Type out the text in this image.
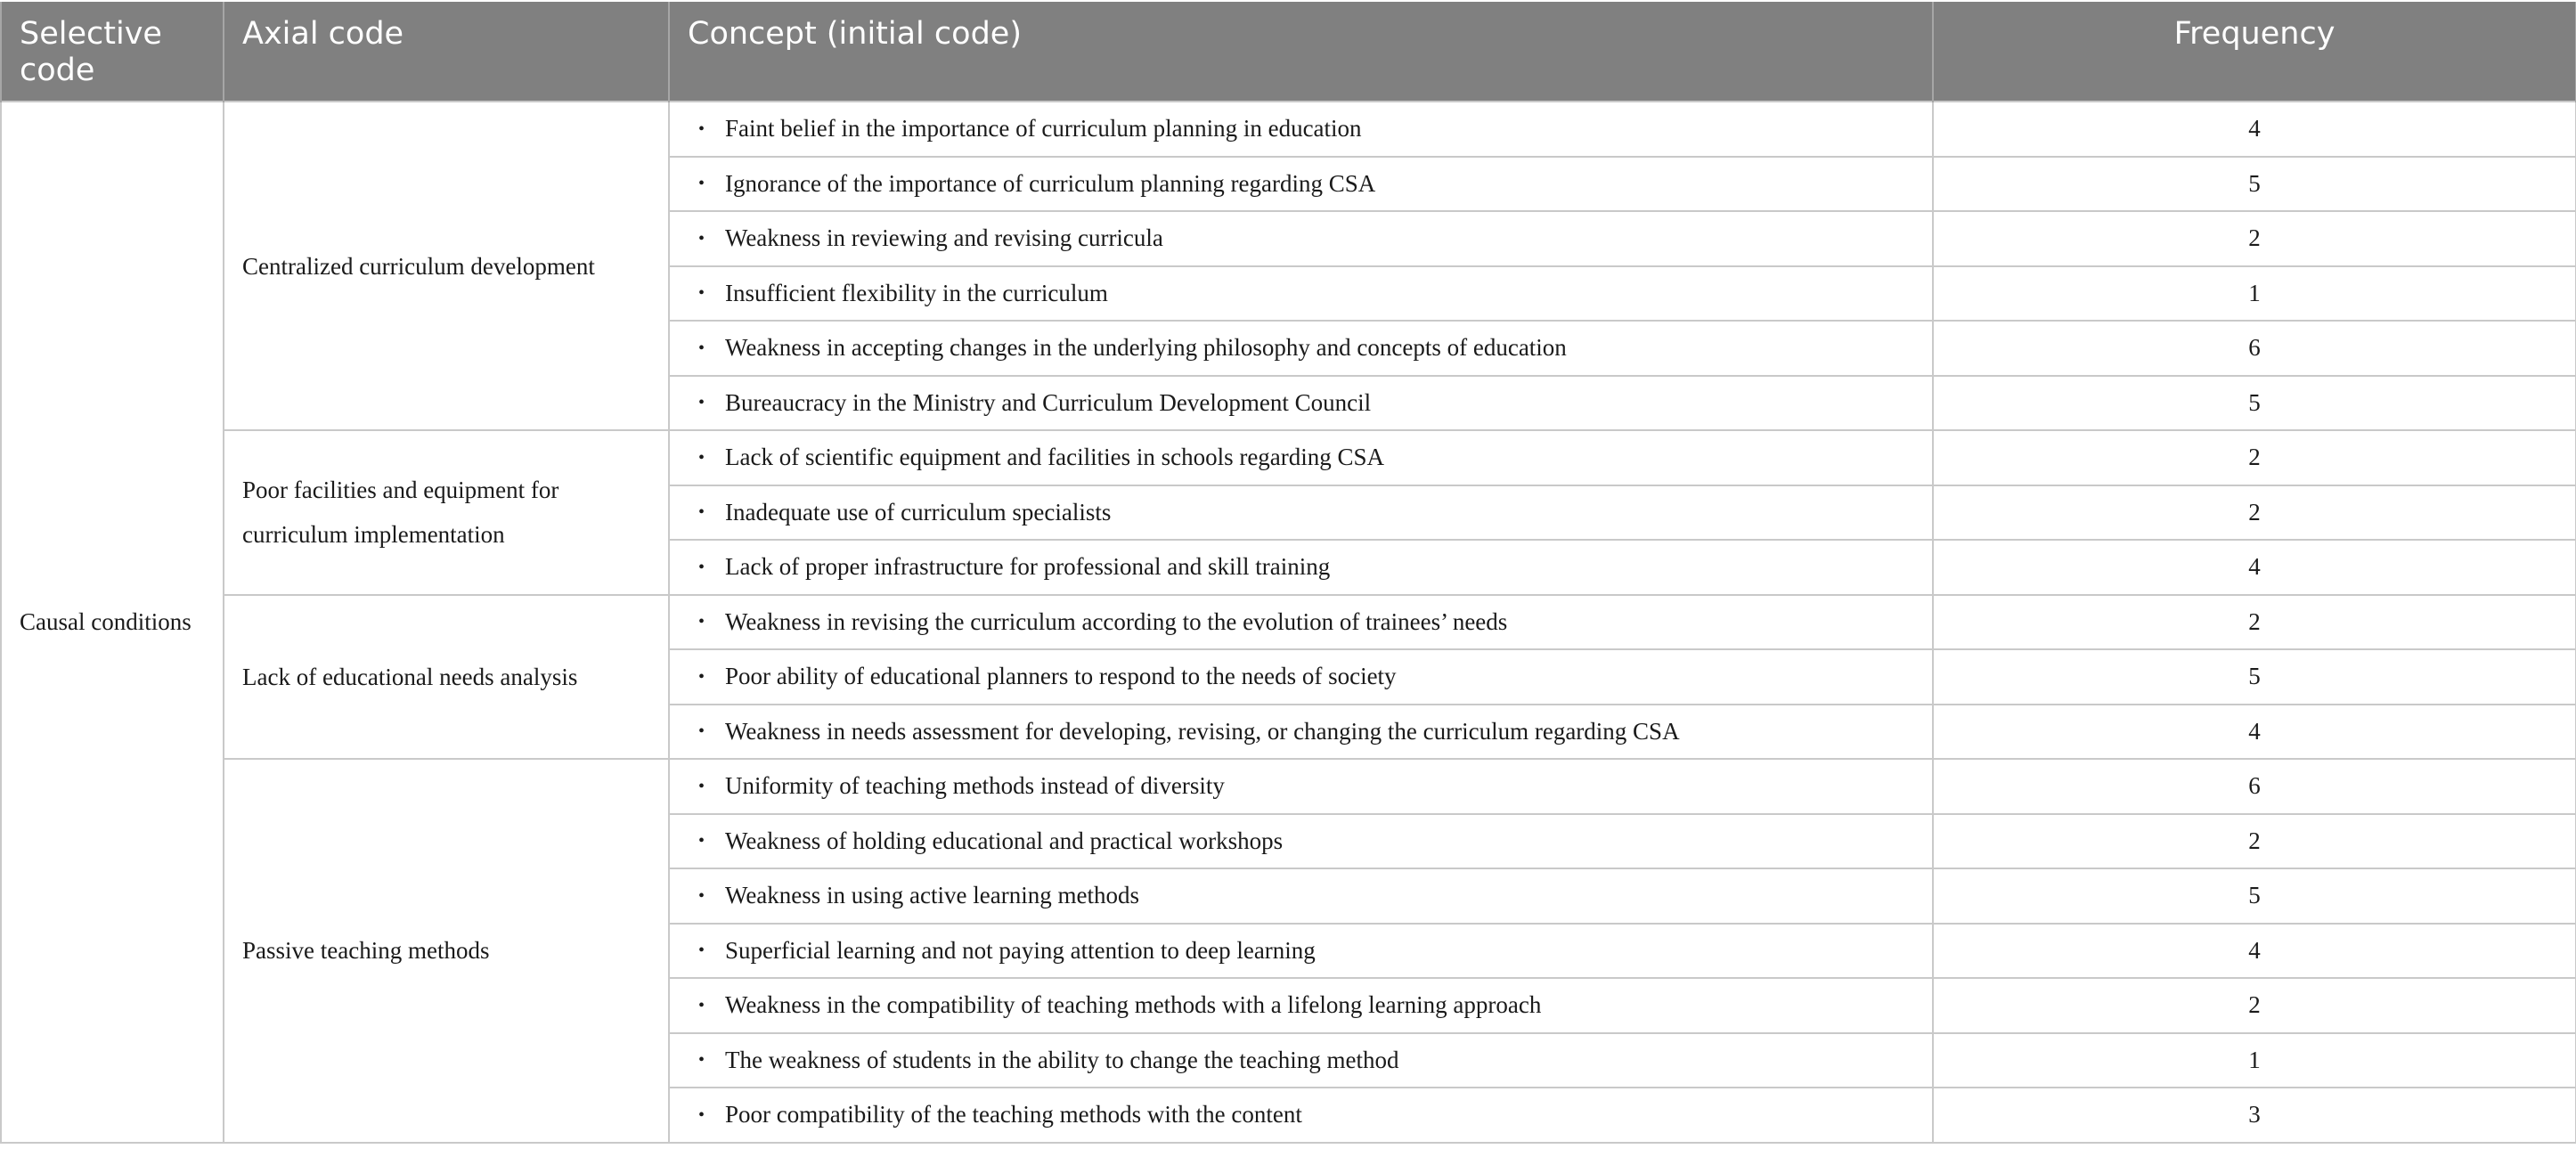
Selective code	Axial code	Concept (initial code)	Frequency
Causal conditions	Centralized curriculum development	• Faint belief in the importance of curriculum planning in education	4
		• Ignorance of the importance of curriculum planning regarding CSA	5
		• Weakness in reviewing and revising curricula	2
		• Insufficient flexibility in the curriculum	1
		• Weakness in accepting changes in the underlying philosophy and concepts of education	6
		• Bureaucracy in the Ministry and Curriculum Development Council	5
	Poor facilities and equipment for curriculum implementation	• Lack of scientific equipment and facilities in schools regarding CSA	2
		• Inadequate use of curriculum specialists	2
		• Lack of proper infrastructure for professional and skill training	4
	Lack of educational needs analysis	• Weakness in revising the curriculum according to the evolution of trainees’ needs	2
		• Poor ability of educational planners to respond to the needs of society	5
		• Weakness in needs assessment for developing, revising, or changing the curriculum regarding CSA	4
	Passive teaching methods	• Uniformity of teaching methods instead of diversity	6
		• Weakness of holding educational and practical workshops	2
		• Weakness in using active learning methods	5
		• Superficial learning and not paying attention to deep learning	4
		• Weakness in the compatibility of teaching methods with a lifelong learning approach	2
		• The weakness of students in the ability to change the teaching method	1
		• Poor compatibility of the teaching methods with the content	3
